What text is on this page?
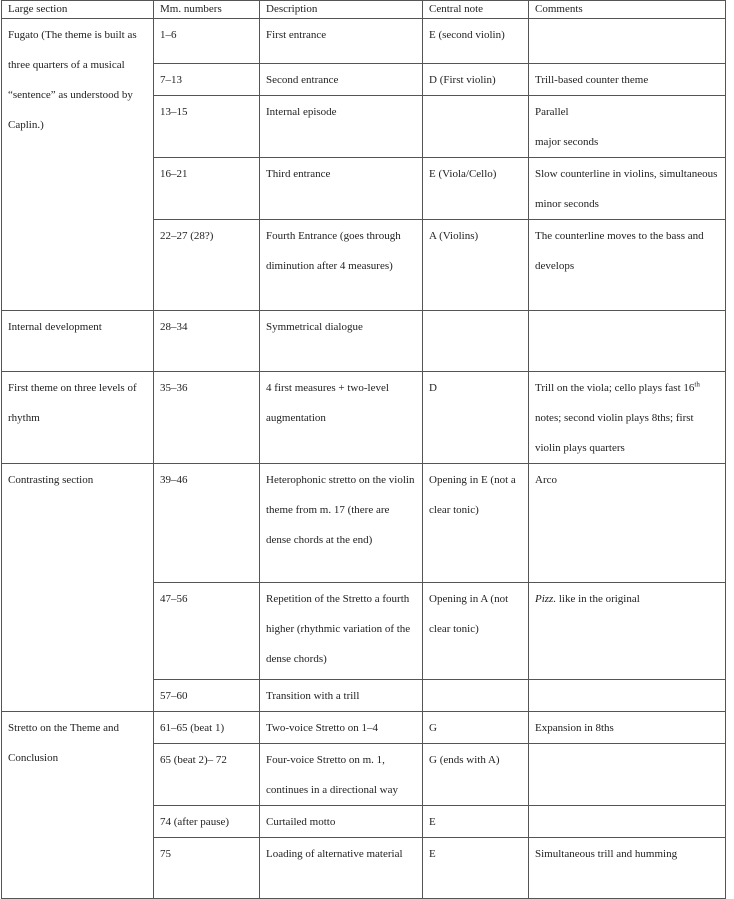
Large section	Mm. numbers	Description	Central note	Comments
Fugato (The theme is built as three quarters of a musical “sentence” as understood by Caplin.)	1–6	First entrance	E (second violin)	
	7–13	Second entrance	D (First violin)	Trill-based counter theme
	13–15	Internal episode		Parallel
major seconds
	16–21	Third entrance	E (Viola/Cello)	Slow counterline in violins, simultaneous minor seconds
	22–27 (28?)	Fourth Entrance (goes through diminution after 4 measures)	A (Violins)	The counterline moves to the bass and develops
Internal development	28–34	Symmetrical dialogue		
First theme on three levels of rhythm	35–36	4 first measures + two-level augmentation	D	Trill on the viola; cello plays fast 16th notes; second violin plays 8ths; first violin plays quarters
Contrasting section	39–46	Heterophonic stretto on the violin theme from m. 17 (there are dense chords at the end)	Opening in E (not a clear tonic)	Arco
	47–56	Repetition of the Stretto a fourth higher (rhythmic variation of the dense chords)	Opening in A (not clear tonic)	Pizz. like in the original
	57–60	Transition with a trill		
Stretto on the Theme and Conclusion	61–65 (beat 1)	Two-voice Stretto on 1–4	G	Expansion in 8ths
	65 (beat 2)– 72	Four-voice Stretto on m. 1, continues in a directional way	G (ends with A)	
	74 (after pause)	Curtailed motto	E	
	75	Loading of alternative material	E	Simultaneous trill and humming
